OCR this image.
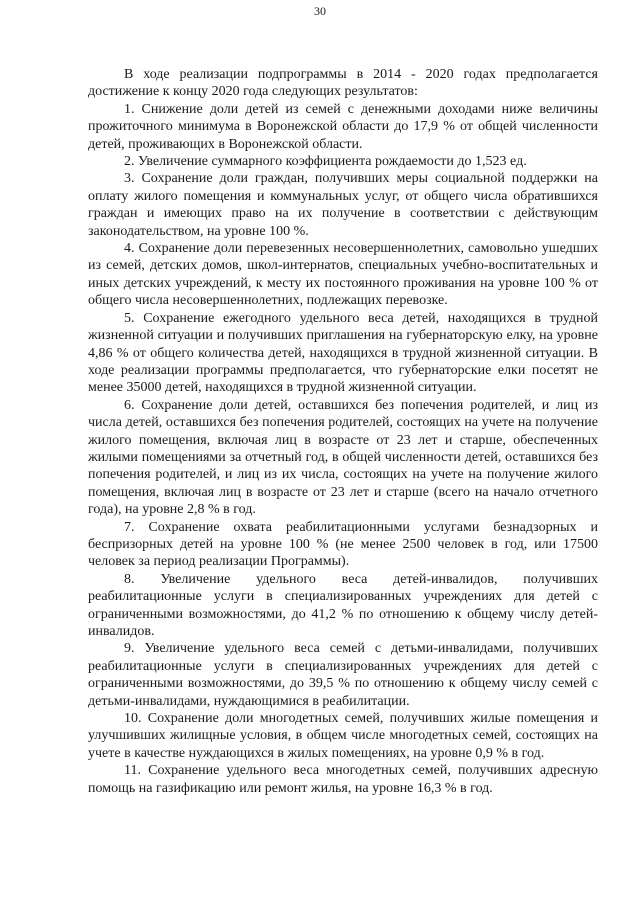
30

В ходе реализации подпрограммы в 2014 - 2020 годах предполагается достижение к концу 2020 года следующих результатов:

1. Снижение доли детей из семей с денежными доходами ниже величины прожиточного минимума в Воронежской области до 17,9 % от общей численности детей, проживающих в Воронежской области.

2. Увеличение суммарного коэффициента рождаемости до 1,523 ед.

3. Сохранение доли граждан, получивших меры социальной поддержки на оплату жилого помещения и коммунальных услуг, от общего числа обратившихся граждан и имеющих право на их получение в соответствии с действующим законодательством, на уровне 100 %.

4. Сохранение доли перевезенных несовершеннолетних, самовольно ушедших из семей, детских домов, школ-интернатов, специальных учебно-воспитательных и иных детских учреждений, к месту их постоянного проживания на уровне 100 % от общего числа несовершеннолетних, подлежащих перевозке.

5. Сохранение ежегодного удельного веса детей, находящихся в трудной жизненной ситуации и получивших приглашения на губернаторскую елку, на уровне 4,86 % от общего количества детей, находящихся в трудной жизненной ситуации. В ходе реализации программы предполагается, что губернаторские елки посетят не менее 35000 детей, находящихся в трудной жизненной ситуации.

6. Сохранение доли детей, оставшихся без попечения родителей, и лиц из числа детей, оставшихся без попечения родителей, состоящих на учете на получение жилого помещения, включая лиц в возрасте от 23 лет и старше, обеспеченных жилыми помещениями за отчетный год, в общей численности детей, оставшихся без попечения родителей, и лиц из их числа, состоящих на учете на получение жилого помещения, включая лиц в возрасте от 23 лет и старше (всего на начало отчетного года), на уровне 2,8 % в год.

7. Сохранение охвата реабилитационными услугами безнадзорных и беспризорных детей на уровне 100 % (не менее 2500 человек в год, или 17500 человек за период реализации Программы).

8. Увеличение удельного веса детей-инвалидов, получивших реабилитационные услуги в специализированных учреждениях для детей с ограниченными возможностями, до 41,2 % по отношению к общему числу детей-инвалидов.

9. Увеличение удельного веса семей с детьми-инвалидами, получивших реабилитационные услуги в специализированных учреждениях для детей с ограниченными возможностями, до 39,5 % по отношению к общему числу семей с детьми-инвалидами, нуждающимися в реабилитации.

10. Сохранение доли многодетных семей, получивших жилые помещения и улучшивших жилищные условия, в общем числе многодетных семей, состоящих на учете в качестве нуждающихся в жилых помещениях, на уровне 0,9 % в год.

11. Сохранение удельного веса многодетных семей, получивших адресную помощь на газификацию или ремонт жилья, на уровне 16,3 % в год.
